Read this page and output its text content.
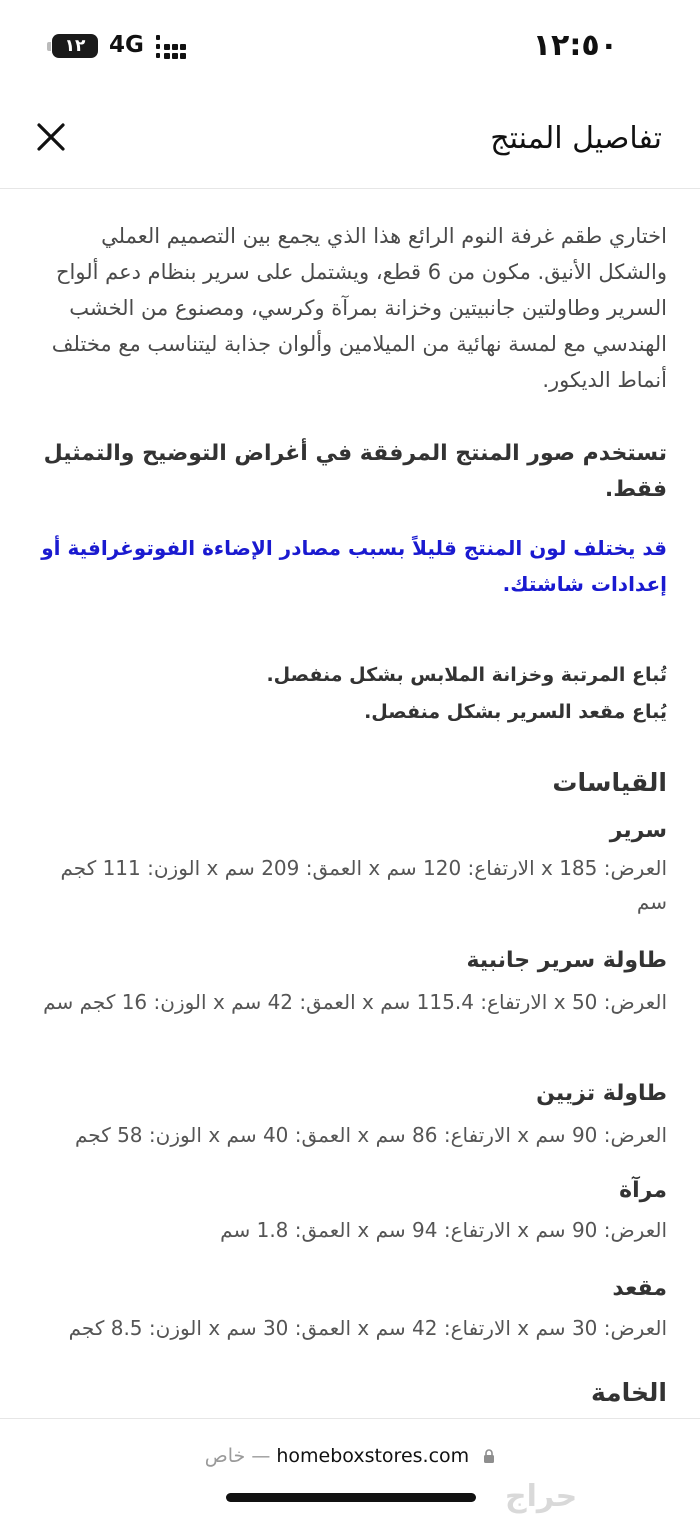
١٢	4G	١٢:٥٠
تفاصيل المنتج
اختاري طقم غرفة النوم الرائع هذا الذي يجمع بين التصميم العملي والشكل الأنيق. مكون من 6 قطع، ويشتمل على سرير بنظام دعم ألواح السرير وطاولتين جانبيتين وخزانة بمرآة وكرسي، ومصنوع من الخشب الهندسي مع لمسة نهائية من الميلامين وألوان جذابة ليتناسب مع مختلف أنماط الديكور.
تستخدم صور المنتج المرفقة في أغراض التوضيح والتمثيل فقط.
قد يختلف لون المنتج قليلاً بسبب مصادر الإضاءة الفوتوغرافية أو إعدادات شاشتك.
تُباع المرتبة وخزانة الملابس بشكل منفصل.
يُباع مقعد السرير بشكل منفصل.
القياسات
سرير
العرض: 185 x الارتفاع: 120 سم x العمق: 209 سم x الوزن: 111 كجم سم
طاولة سرير جانبية
العرض: 50 x الارتفاع: 115.4 سم x العمق: 42 سم x الوزن: 16 كجم سم
طاولة تزيين
العرض: 90 سم x الارتفاع: 86 سم x العمق: 40 سم x الوزن: 58 كجم
مرآة
العرض: 90 سم x الارتفاع: 94 سم x العمق: 1.8 سم
مقعد
العرض: 30 سم x الارتفاع: 42 سم x العمق: 30 سم x الوزن: 8.5 كجم
الخامة
خاص — homeboxstores.com
حراج
